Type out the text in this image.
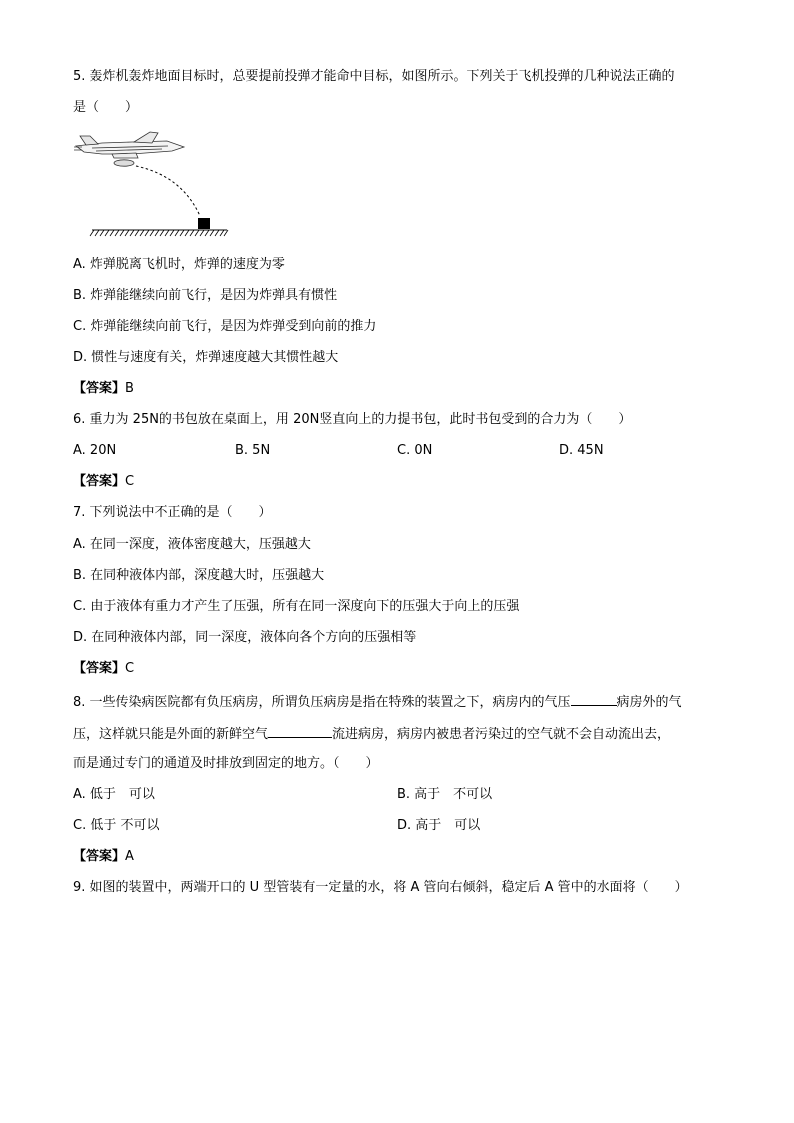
5. 轰炸机轰炸地面目标时，总要提前投弹才能命中目标，如图所示。下列关于飞机投弹的几种说法正确的
是（　　）
A. 炸弹脱离飞机时，炸弹的速度为零
B. 炸弹能继续向前飞行，是因为炸弹具有惯性
C. 炸弹能继续向前飞行，是因为炸弹受到向前的推力
D. 惯性与速度有关，炸弹速度越大其惯性越大
【答案】B
6. 重力为 25N的书包放在桌面上，用 20N竖直向上的力提书包，此时书包受到的合力为（　　）
A. 20N	B. 5N	C. 0N	D. 45N
【答案】C
7. 下列说法中不正确的是（　　）
A. 在同一深度，液体密度越大，压强越大
B. 在同种液体内部，深度越大时，压强越大
C. 由于液体有重力才产生了压强，所有在同一深度向下的压强大于向上的压强
D. 在同种液体内部，同一深度，液体向各个方向的压强相等
【答案】C
8. 一些传染病医院都有负压病房，所谓负压病房是指在特殊的装置之下，病房内的气压	病房外的气
压，这样就只能是外面的新鲜空气	流进病房，病房内被患者污染过的空气就不会自动流出去，
而是通过专门的通道及时排放到固定的地方。（　　）
A. 低于　可以	B. 高于　不可以
C. 低于 不可以	D. 高于　可以
【答案】A
9. 如图的装置中，两端开口的 U 型管装有一定量的水，将 A 管向右倾斜，稳定后 A 管中的水面将（　　）
